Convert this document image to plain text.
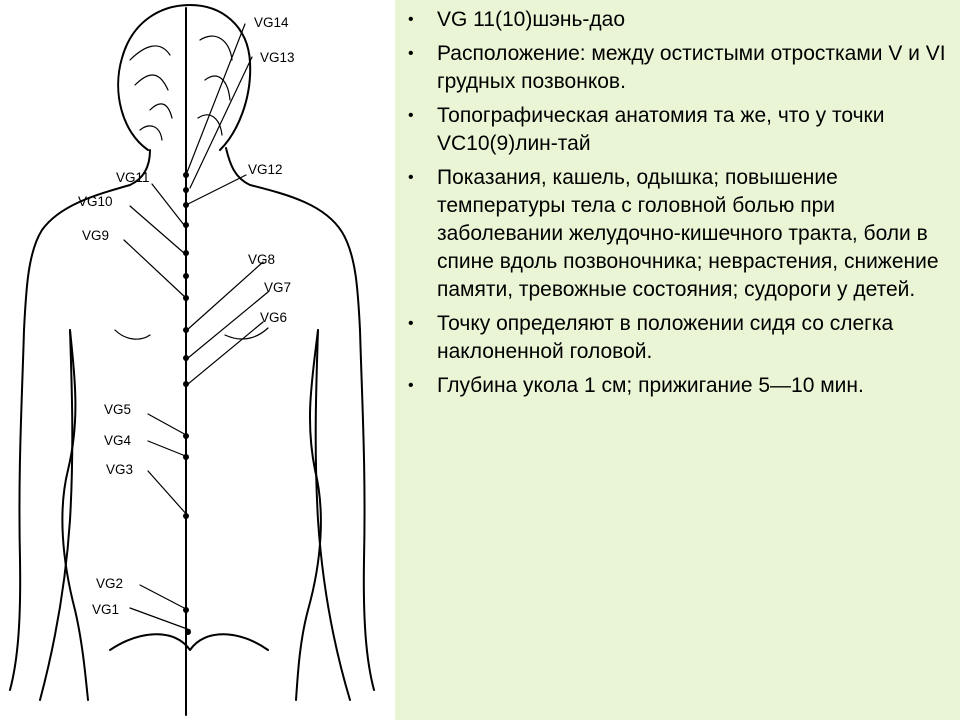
VG14
VG13
VG12
VG11
VG10
VG9
VG8
VG7
VG6
VG5
VG4
VG3
VG2
VG1
• VG 11(10)шэнь-дао
• Расположение: между остистыми отростками V и VI грудных позвонков.
• Топографическая анатомия та же, что у точки VC10(9)лин-тай
• Показания, кашель, одышка; повышение температуры тела с головной болью при заболевании желудочно-кишечного тракта, боли в спине вдоль позвоночника; неврастения, снижение памяти, тревожные состояния; судороги у детей.
• Точку определяют в положении сидя со слегка наклоненной головой.
• Глубина укола 1 см; прижигание 5—10 мин.
